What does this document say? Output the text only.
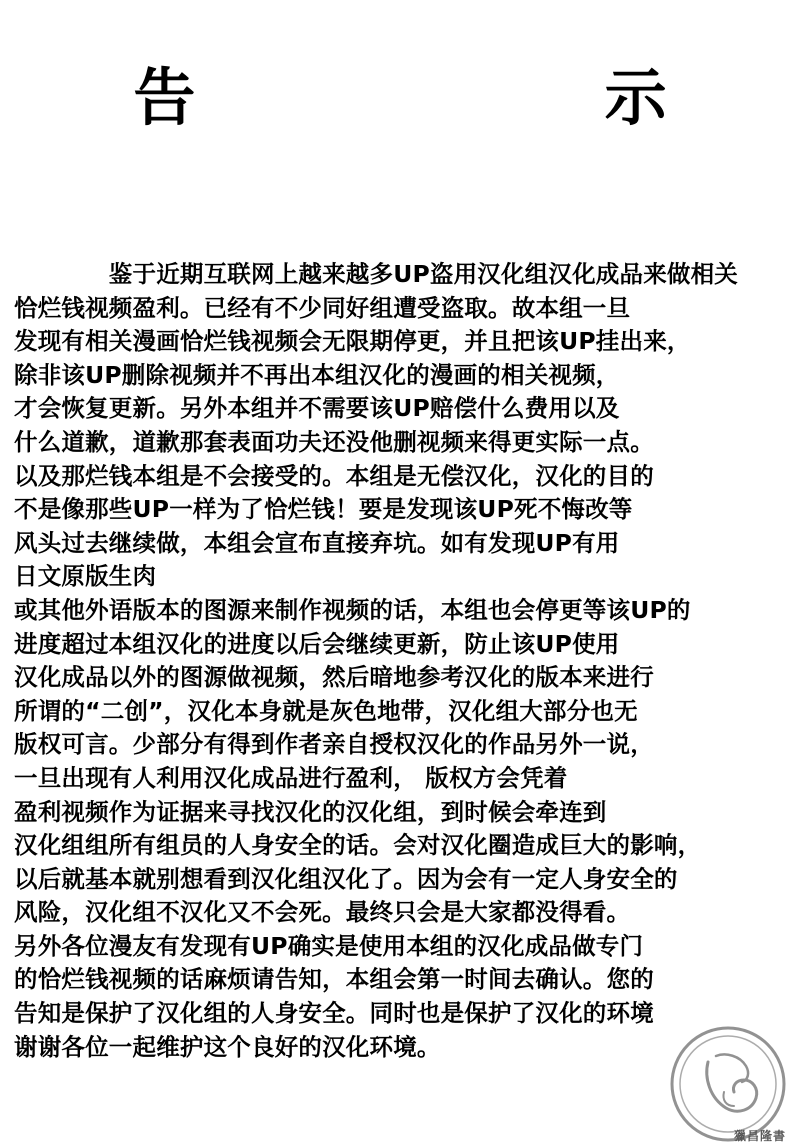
告　　　示

　　　　鉴于近期互联网上越来越多UP盗用汉化组汉化成品来做相关

恰烂钱视频盈利。已经有不少同好组遭受盗取。故本组一旦

发现有相关漫画恰烂钱视频会无限期停更，并且把该UP挂出来，

除非该UP删除视频并不再出本组汉化的漫画的相关视频，

才会恢复更新。另外本组并不需要该UP赔偿什么费用以及

什么道歉，道歉那套表面功夫还没他删视频来得更实际一点。

以及那烂钱本组是不会接受的。本组是无偿汉化，汉化的目的

不是像那些UP一样为了恰烂钱！要是发现该UP死不悔改等

风头过去继续做，本组会宣布直接弃坑。如有发现UP有用

日文原版生肉

或其他外语版本的图源来制作视频的话，本组也会停更等该UP的

进度超过本组汉化的进度以后会继续更新，防止该UP使用

汉化成品以外的图源做视频，然后暗地参考汉化的版本来进行

所谓的“二创”，汉化本身就是灰色地带，汉化组大部分也无

版权可言。少部分有得到作者亲自授权汉化的作品另外一说，

一旦出现有人利用汉化成品进行盈利， 版权方会凭着

盈利视频作为证据来寻找汉化的汉化组，到时候会牵连到

汉化组组所有组员的人身安全的话。会对汉化圈造成巨大的影响，

以后就基本就别想看到汉化组汉化了。因为会有一定人身安全的

风险，汉化组不汉化又不会死。最终只会是大家都没得看。

另外各位漫友有发现有UP确实是使用本组的汉化成品做专门

的恰烂钱视频的话麻烦请告知，本组会第一时间去确认。您的

告知是保护了汉化组的人身安全。同时也是保护了汉化的环境

谢谢各位一起维护这个良好的汉化环境。

獵昌隆書
